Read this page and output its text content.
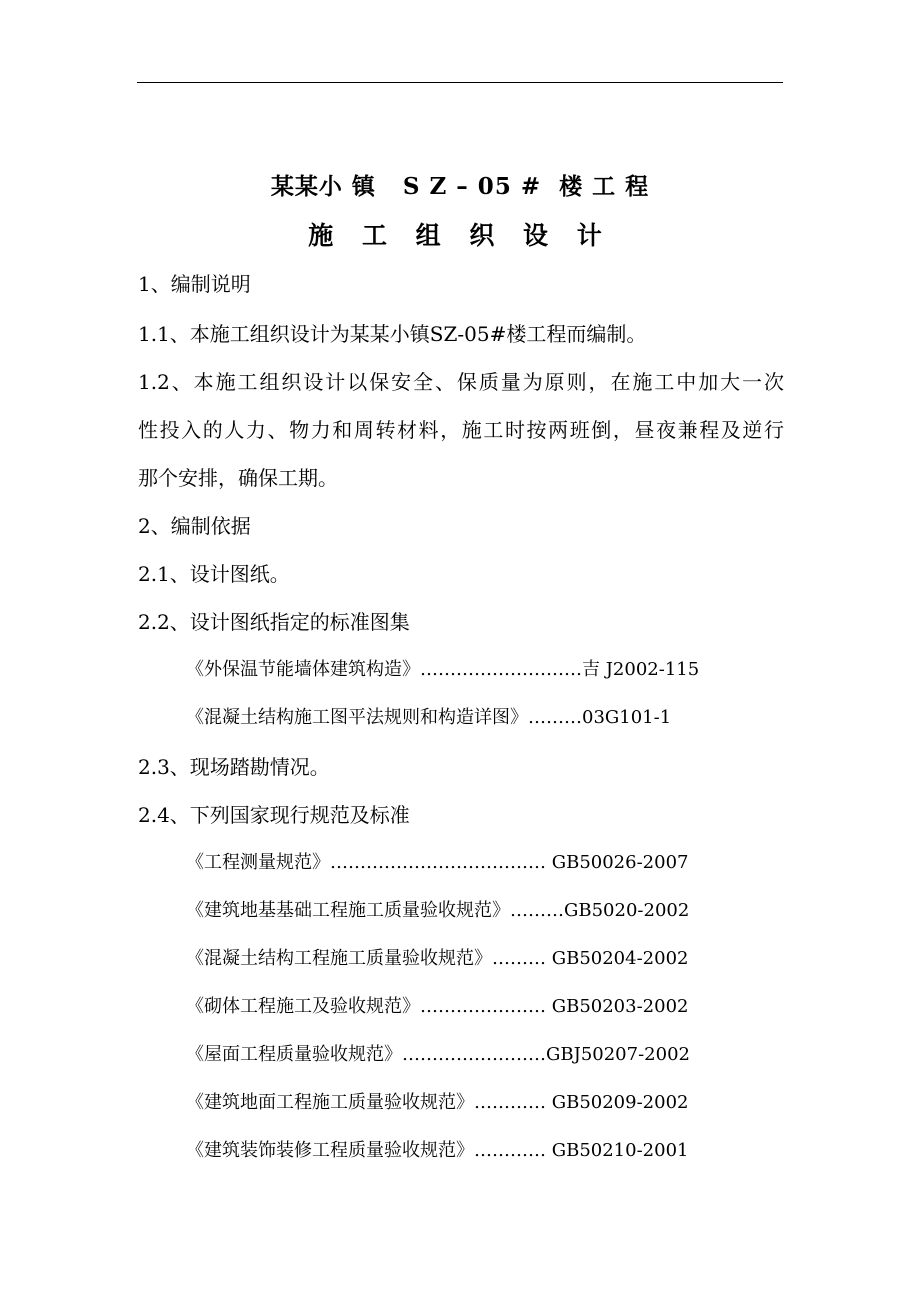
某某小 镇   S Z – 05 #  楼 工 程
施 工 组 织 设 计
1、编制说明
1.1、本施工组织设计为某某小镇SZ-05#楼工程而编制。
1.2、本施工组织设计以保安全、保质量为原则，在施工中加大一次
性投入的人力、物力和周转材料，施工时按两班倒，昼夜兼程及逆行
那个安排，确保工期。
2、编制依据
2.1、设计图纸。
2.2、设计图纸指定的标准图集
《外保温节能墙体建筑构造》………………………吉 J2002-115
《混凝土结构施工图平法规则和构造详图》………03G101-1
2.3、现场踏勘情况。
2.4、下列国家现行规范及标准
《工程测量规范》……………………………… GB50026-2007
《建筑地基基础工程施工质量验收规范》………GB5020-2002
《混凝土结构工程施工质量验收规范》……… GB50204-2002
《砌体工程施工及验收规范》………………… GB50203-2002
《屋面工程质量验收规范》……………………GBJ50207-2002
《建筑地面工程施工质量验收规范》………… GB50209-2002
《建筑装饰装修工程质量验收规范》………… GB50210-2001
